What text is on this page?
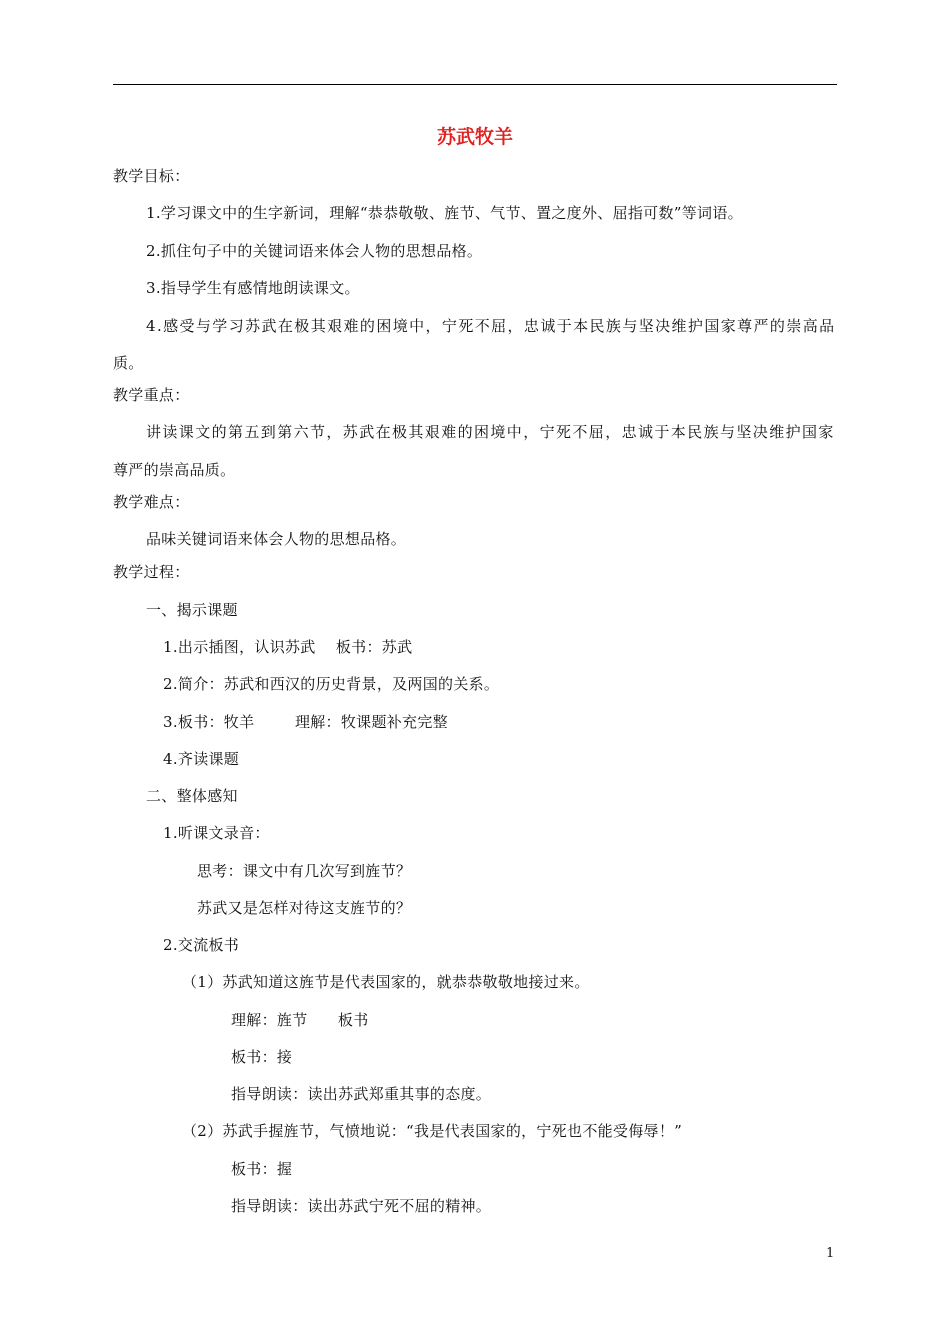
苏武牧羊
教学目标：
1.学习课文中的生字新词，理解“恭恭敬敬、旌节、气节、置之度外、屈指可数”等词语。
2.抓住句子中的关键词语来体会人物的思想品格。
3.指导学生有感情地朗读课文。
4.感受与学习苏武在极其艰难的困境中，宁死不屈，忠诚于本民族与坚决维护国家尊严的崇高品
质。
教学重点：
讲读课文的第五到第六节，苏武在极其艰难的困境中，宁死不屈，忠诚于本民族与坚决维护国家
尊严的崇高品质。
教学难点：
品味关键词语来体会人物的思想品格。
教学过程：
一、揭示课题
1.出示插图，认识苏武    板书：苏武
2.简介：苏武和西汉的历史背景，及两国的关系。
3.板书：牧羊        理解：牧课题补充完整
4.齐读课题
二、整体感知
1.听课文录音：
思考：课文中有几次写到旌节？
苏武又是怎样对待这支旌节的？
2.交流板书
（1）苏武知道这旌节是代表国家的，就恭恭敬敬地接过来。
理解：旌节      板书
板书：接
指导朗读：读出苏武郑重其事的态度。
（2）苏武手握旌节，气愤地说：“我是代表国家的，宁死也不能受侮辱！”
板书：握
指导朗读：读出苏武宁死不屈的精神。
1
